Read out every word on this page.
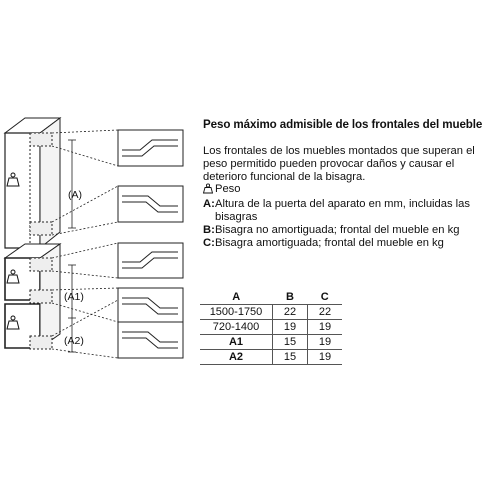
(A)
(A1)
(A2)
Peso máximo admisible de los frontales del mueble
Los frontales de los muebles montados que superan el peso permitido pueden provocar daños y causar el deterioro funcional de la bisagra.
Peso
A: Altura de la puerta del aparato en mm, incluidas las bisagras
B: Bisagra no amortiguada; frontal del mueble en kg
C: Bisagra amortiguada; frontal del mueble en kg
A	B	C
1500-1750	22	22
720-1400	19	19
A1	15	19
A2	15	19
